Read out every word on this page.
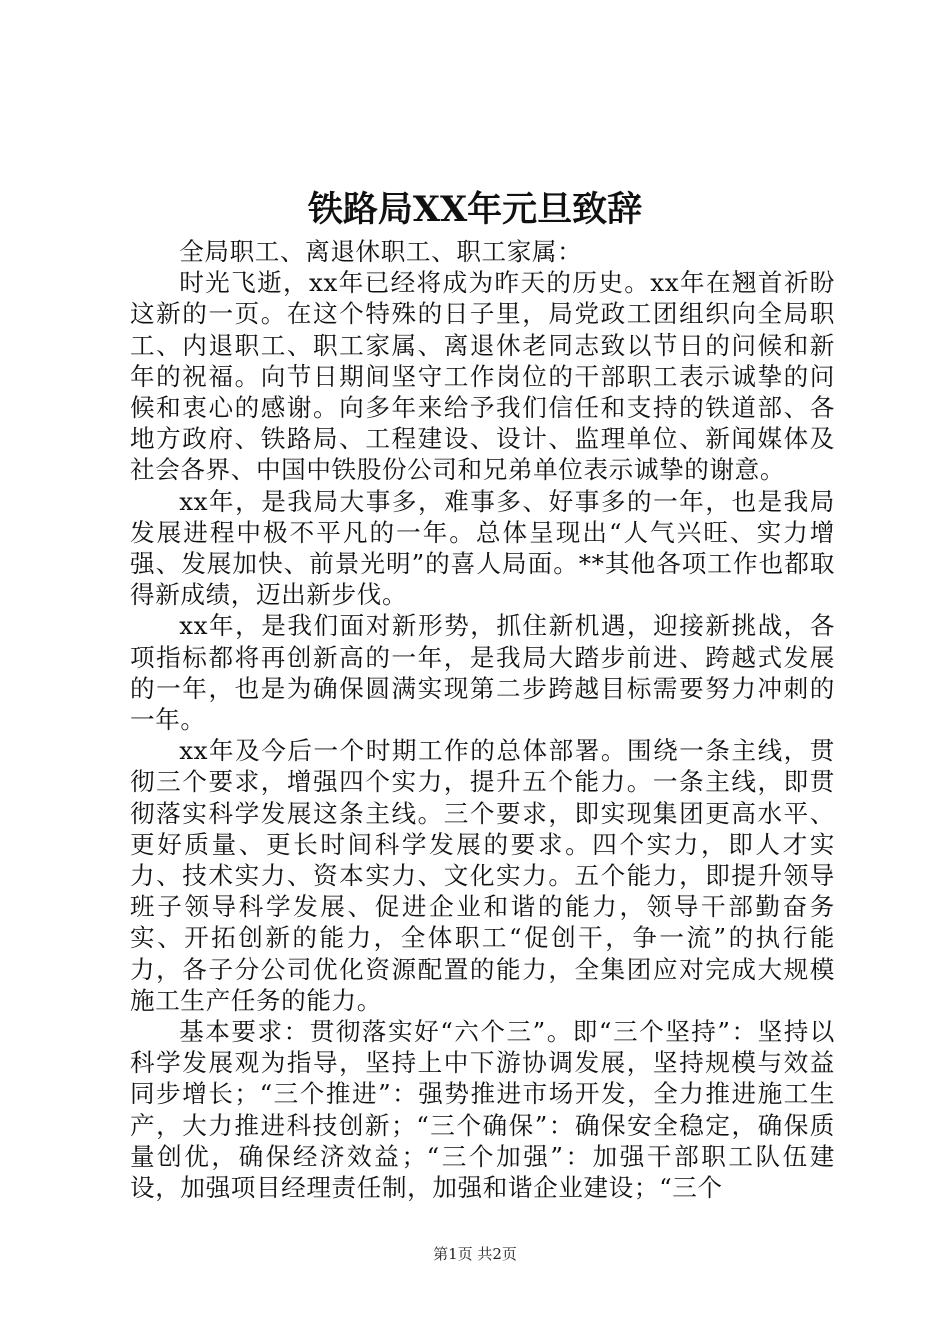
铁路局XX年元旦致辞

全局职工、离退休职工、职工家属：

时光飞逝，xx年已经将成为昨天的历史。xx年在翘首祈盼这新的一页。在这个特殊的日子里，局党政工团组织向全局职工、内退职工、职工家属、离退休老同志致以节日的问候和新年的祝福。向节日期间坚守工作岗位的干部职工表示诚挚的问候和衷心的感谢。向多年来给予我们信任和支持的铁道部、各地方政府、铁路局、工程建设、设计、监理单位、新闻媒体及社会各界、中国中铁股份公司和兄弟单位表示诚挚的谢意。

xx年，是我局大事多，难事多、好事多的一年，也是我局发展进程中极不平凡的一年。总体呈现出“人气兴旺、实力增强、发展加快、前景光明”的喜人局面。**其他各项工作也都取得新成绩，迈出新步伐。

xx年，是我们面对新形势，抓住新机遇，迎接新挑战，各项指标都将再创新高的一年，是我局大踏步前进、跨越式发展的一年，也是为确保圆满实现第二步跨越目标需要努力冲刺的一年。

xx年及今后一个时期工作的总体部署。围绕一条主线，贯彻三个要求，增强四个实力，提升五个能力。一条主线，即贯彻落实科学发展这条主线。三个要求，即实现集团更高水平、更好质量、更长时间科学发展的要求。四个实力，即人才实力、技术实力、资本实力、文化实力。五个能力，即提升领导班子领导科学发展、促进企业和谐的能力，领导干部勤奋务实、开拓创新的能力，全体职工“促创干，争一流”的执行能力，各子分公司优化资源配置的能力，全集团应对完成大规模施工生产任务的能力。

基本要求：贯彻落实好“六个三”。即“三个坚持”：坚持以科学发展观为指导，坚持上中下游协调发展，坚持规模与效益同步增长；“三个推进”：强势推进市场开发，全力推进施工生产，大力推进科技创新；“三个确保”：确保安全稳定，确保质量创优，确保经济效益；“三个加强”：加强干部职工队伍建设，加强项目经理责任制，加强和谐企业建设；“三个

第1页 共2页
